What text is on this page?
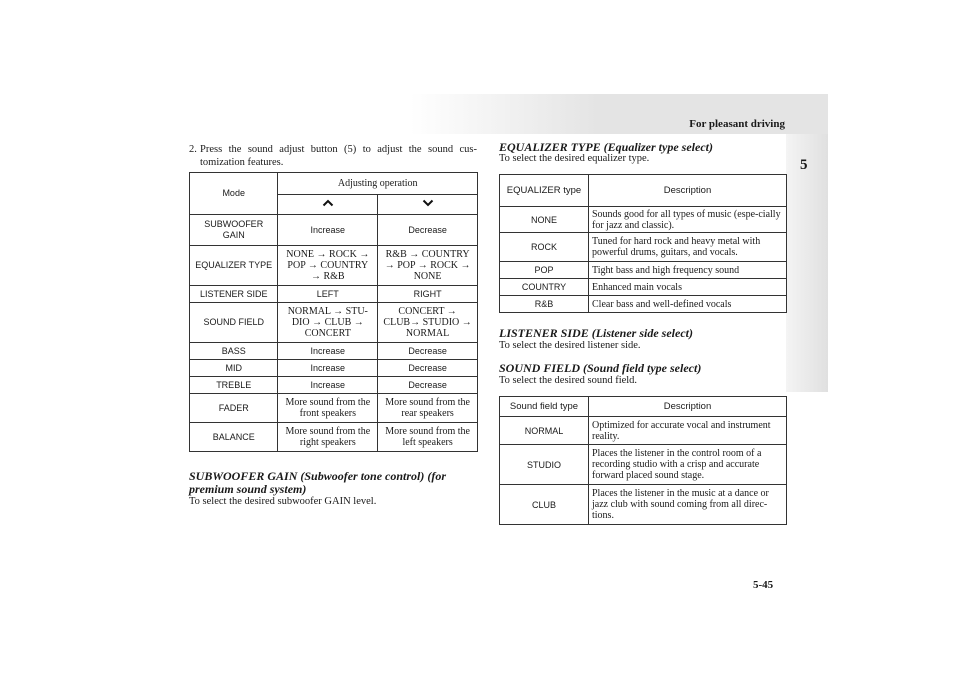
For pleasant driving
5
5-45
2. Press the sound adjust button (5) to adjust the sound cus-tomization features.
Mode	Adjusting operation	

SUBWOOFER GAIN	Increase	Decrease
EQUALIZER TYPE	NONE → ROCK → POP → COUNTRY → R&B	R&B → COUNTRY → POP → ROCK → NONE
LISTENER SIDE	LEFT	RIGHT
SOUND FIELD	NORMAL → STU-DIO → CLUB → CONCERT	CONCERT → CLUB→ STUDIO → NORMAL
BASS	Increase	Decrease
MID	Increase	Decrease
TREBLE	Increase	Decrease
FADER	More sound from the front speakers	More sound from the rear speakers
BALANCE	More sound from the right speakers	More sound from the left speakers
SUBWOOFER GAIN (Subwoofer tone control) (for premium sound system)
To select the desired subwoofer GAIN level.
EQUALIZER TYPE (Equalizer type select)
To select the desired equalizer type.
EQUALIZER type	Description
NONE	Sounds good for all types of music (espe-cially for jazz and classic).
ROCK	Tuned for hard rock and heavy metal with powerful drums, guitars, and vocals.
POP	Tight bass and high frequency sound
COUNTRY	Enhanced main vocals
R&B	Clear bass and well-defined vocals
LISTENER SIDE (Listener side select)
To select the desired listener side.
SOUND FIELD (Sound field type select)
To select the desired sound field.
Sound field type	Description
NORMAL	Optimized for accurate vocal and instrument reality.
STUDIO	Places the listener in the control room of a recording studio with a crisp and accurate forward placed sound stage.
CLUB	Places the listener in the music at a dance or jazz club with sound coming from all direc-tions.
